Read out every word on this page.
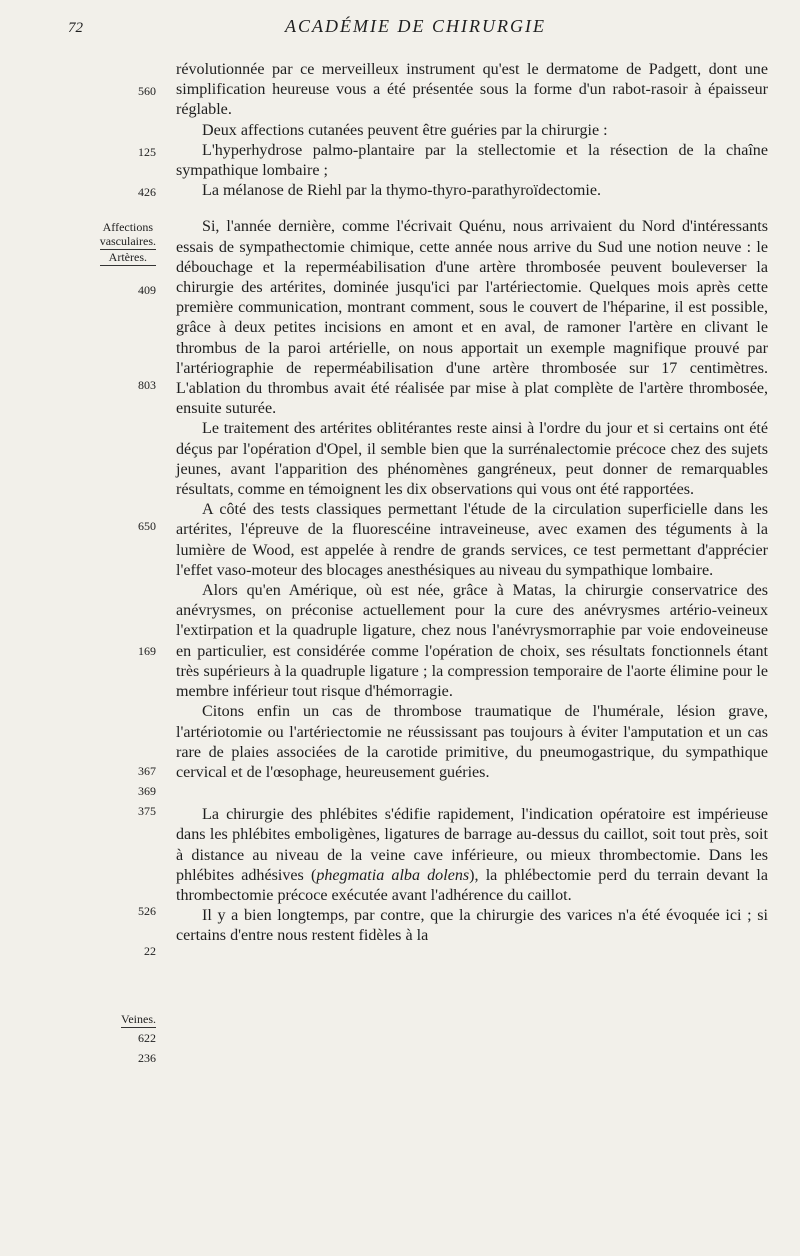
72	ACADÉMIE DE CHIRURGIE
560
125
426
Affections
vasculaires.
Artères.
409
803
650
169
367
369
375
526
22
Veines.
622
236

révolutionnée par ce merveilleux instrument qu'est le dermatome de Padgett, dont une simplification heureuse vous a été présentée sous la forme d'un rabot-rasoir à épaisseur réglable.

Deux affections cutanées peuvent être guéries par la chirurgie :

L'hyperhydrose palmo-plantaire par la stellectomie et la résection de la chaîne sympathique lombaire ;

La mélanose de Riehl par la thymo-thyro-parathyroïdectomie.

Si, l'année dernière, comme l'écrivait Quénu, nous arrivaient du Nord d'intéressants essais de sympathectomie chimique, cette année nous arrive du Sud une notion neuve : le débouchage et la reperméabilisation d'une artère thrombosée peuvent bouleverser la chirurgie des artérites, dominée jusqu'ici par l'artériectomie. Quelques mois après cette première communication, montrant comment, sous le couvert de l'héparine, il est possible, grâce à deux petites incisions en amont et en aval, de ramoner l'artère en clivant le thrombus de la paroi artérielle, on nous apportait un exemple magnifique prouvé par l'artériographie de reperméabilisation d'une artère thrombosée sur 17 centimètres. L'ablation du thrombus avait été réalisée par mise à plat complète de l'artère thrombosée, ensuite suturée.

Le traitement des artérites oblitérantes reste ainsi à l'ordre du jour et si certains ont été déçus par l'opération d'Opel, il semble bien que la surrénalectomie précoce chez des sujets jeunes, avant l'apparition des phénomènes gangréneux, peut donner de remarquables résultats, comme en témoignent les dix observations qui vous ont été rapportées.

A côté des tests classiques permettant l'étude de la circulation superficielle dans les artérites, l'épreuve de la fluorescéine intraveineuse, avec examen des téguments à la lumière de Wood, est appelée à rendre de grands services, ce test permettant d'apprécier l'effet vaso-moteur des blocages anesthésiques au niveau du sympathique lombaire.

Alors qu'en Amérique, où est née, grâce à Matas, la chirurgie conservatrice des anévrysmes, on préconise actuellement pour la cure des anévrysmes artério-veineux l'extirpation et la quadruple ligature, chez nous l'anévrysmorraphie par voie endoveineuse en particulier, est considérée comme l'opération de choix, ses résultats fonctionnels étant très supérieurs à la quadruple ligature ; la compression temporaire de l'aorte élimine pour le membre inférieur tout risque d'hémorragie.

Citons enfin un cas de thrombose traumatique de l'humérale, lésion grave, l'artériotomie ou l'artériectomie ne réussissant pas toujours à éviter l'amputation et un cas rare de plaies associées de la carotide primitive, du pneumogastrique, du sympathique cervical et de l'œsophage, heureusement guéries.

La chirurgie des phlébites s'édifie rapidement, l'indication opératoire est impérieuse dans les phlébites emboligènes, ligatures de barrage au-dessus du caillot, soit tout près, soit à distance au niveau de la veine cave inférieure, ou mieux thrombectomie. Dans les phlébites adhésives (phegmatia alba dolens), la phlébectomie perd du terrain devant la thrombectomie précoce exécutée avant l'adhérence du caillot.

Il y a bien longtemps, par contre, que la chirurgie des varices n'a été évoquée ici ; si certains d'entre nous restent fidèles à la
